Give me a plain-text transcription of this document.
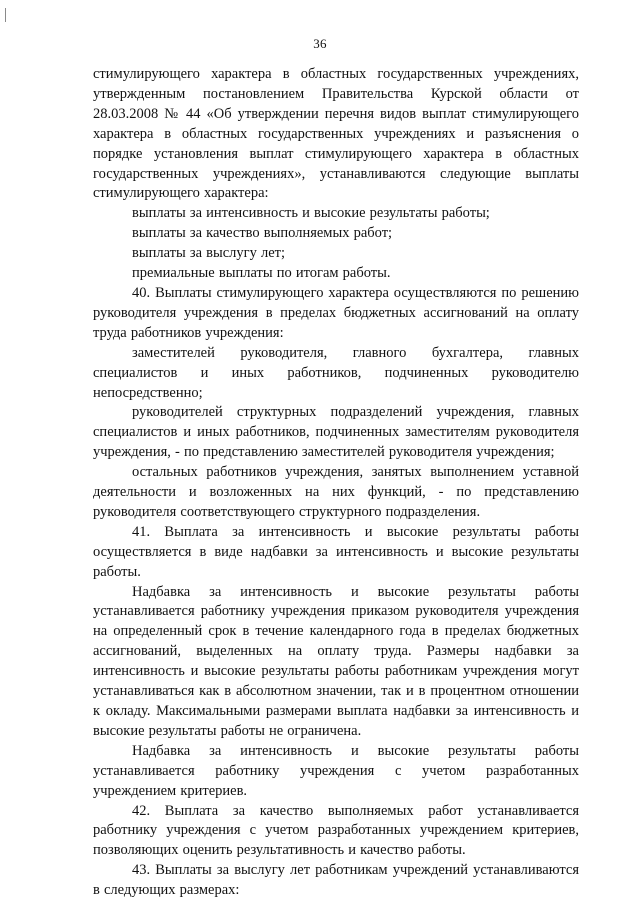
36

стимулирующего характера в областных государственных учреждениях, утвержденным постановлением Правительства Курской области от 28.03.2008 № 44 «Об утверждении перечня видов выплат стимулирующего характера в областных государственных учреждениях и разъяснения о порядке установления выплат стимулирующего характера в областных государственных учреждениях», устанавливаются следующие выплаты стимулирующего характера:

выплаты за интенсивность и высокие результаты работы;

выплаты за качество выполняемых работ;

выплаты за выслугу лет;

премиальные выплаты по итогам работы.

40. Выплаты стимулирующего характера осуществляются по решению руководителя учреждения в пределах бюджетных ассигнований на оплату труда работников учреждения:

заместителей руководителя, главного бухгалтера, главных специалистов и иных работников, подчиненных руководителю непосредственно;

руководителей структурных подразделений учреждения, главных специалистов и иных работников, подчиненных заместителям руководителя учреждения, - по представлению заместителей руководителя учреждения;

остальных работников учреждения, занятых выполнением уставной деятельности и возложенных на них функций, - по представлению руководителя соответствующего структурного подразделения.

41. Выплата за интенсивность и высокие результаты работы осуществляется в виде надбавки за интенсивность и высокие результаты работы.

Надбавка за интенсивность и высокие результаты работы устанавливается работнику учреждения приказом руководителя учреждения на определенный срок в течение календарного года в пределах бюджетных ассигнований, выделенных на оплату труда. Размеры надбавки за интенсивность и высокие результаты работы работникам учреждения могут устанавливаться как в абсолютном значении, так и в процентном отношении к окладу. Максимальными размерами выплата надбавки за интенсивность и высокие результаты работы не ограничена.

Надбавка за интенсивность и высокие результаты работы устанавливается работнику учреждения с учетом разработанных учреждением критериев.

42. Выплата за качество выполняемых работ устанавливается работнику учреждения с учетом разработанных учреждением критериев, позволяющих оценить результативность и качество работы.

43. Выплаты за выслугу лет работникам учреждений устанавливаются в следующих размерах:
